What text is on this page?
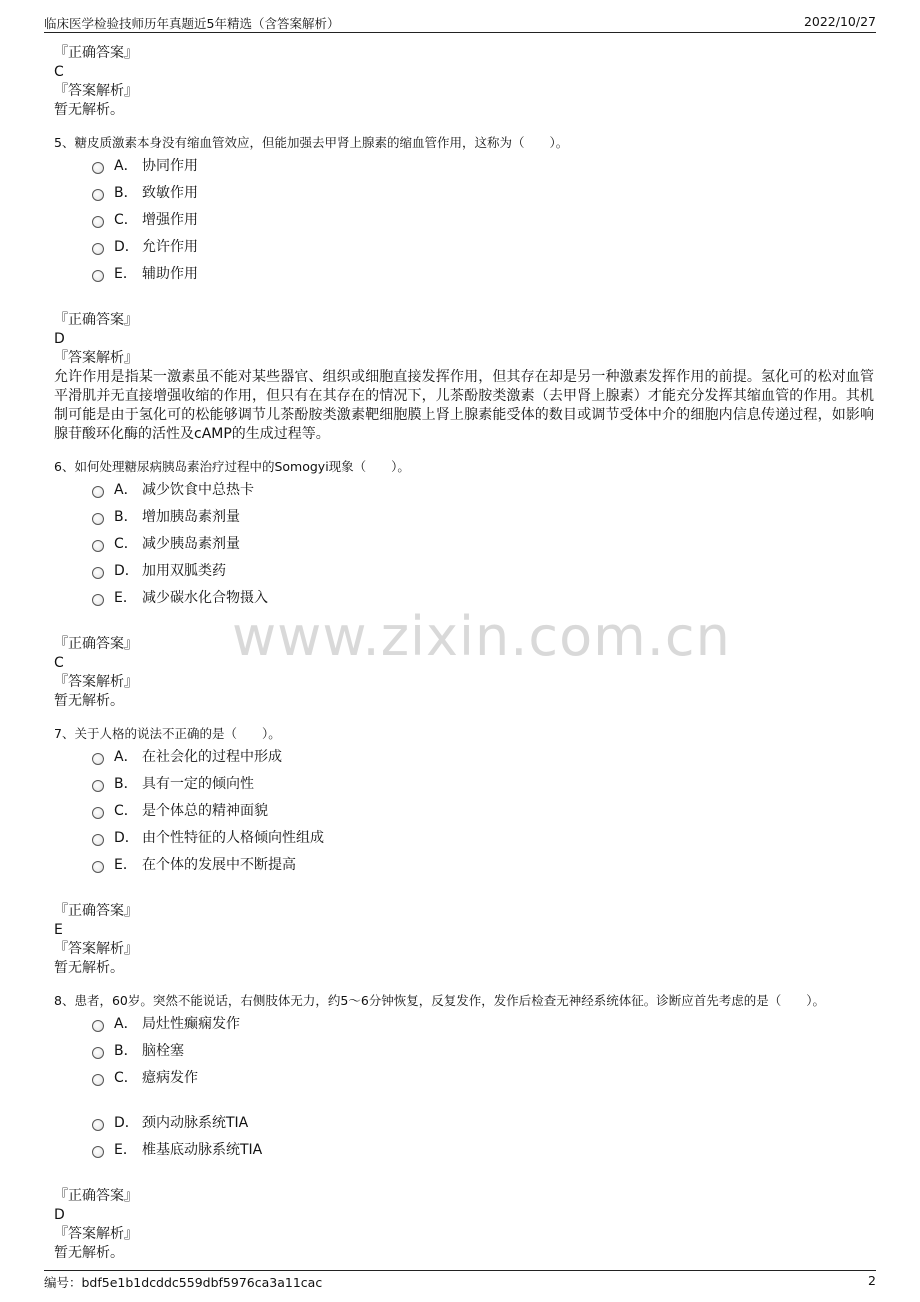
临床医学检验技师历年真题近5年精选（含答案解析）	2022/10/27
www.zixin.com.cn

『正确答案』

C

『答案解析』

暂无解析。

5、糖皮质激素本身没有缩血管效应，但能加强去甲肾上腺素的缩血管作用，这称为（　　）。
A． 协同作用
B． 致敏作用
C． 增强作用
D． 允许作用
E． 辅助作用

『正确答案』

D

『答案解析』

允许作用是指某一激素虽不能对某些器官、组织或细胞直接发挥作用，但其存在却是另一种激素发挥作用的前提。氢化可的松对血管平滑肌并无直接增强收缩的作用，但只有在其存在的情况下，儿茶酚胺类激素（去甲肾上腺素）才能充分发挥其缩血管的作用。其机制可能是由于氢化可的松能够调节儿茶酚胺类激素靶细胞膜上肾上腺素能受体的数目或调节受体中介的细胞内信息传递过程，如影响腺苷酸环化酶的活性及cAMP的生成过程等。
6、如何处理糖尿病胰岛素治疗过程中的Somogyi现象（　　）。
A． 减少饮食中总热卡
B． 增加胰岛素剂量
C． 减少胰岛素剂量
D． 加用双胍类药
E． 减少碳水化合物摄入

『正确答案』

C

『答案解析』

暂无解析。

7、关于人格的说法不正确的是（　　）。
A． 在社会化的过程中形成
B． 具有一定的倾向性
C． 是个体总的精神面貌
D． 由个性特征的人格倾向性组成
E． 在个体的发展中不断提高

『正确答案』

E

『答案解析』

暂无解析。

8、患者，60岁。突然不能说话，右侧肢体无力，约5～6分钟恢复，反复发作，发作后检查无神经系统体征。诊断应首先考虑的是（　　）。
A． 局灶性癫痫发作
B． 脑栓塞
C． 癔病发作
D． 颈内动脉系统TIA
E． 椎基底动脉系统TIA

『正确答案』

D

『答案解析』

暂无解析。

编号：bdf5e1b1dcddc559dbf5976ca3a11cac	2
